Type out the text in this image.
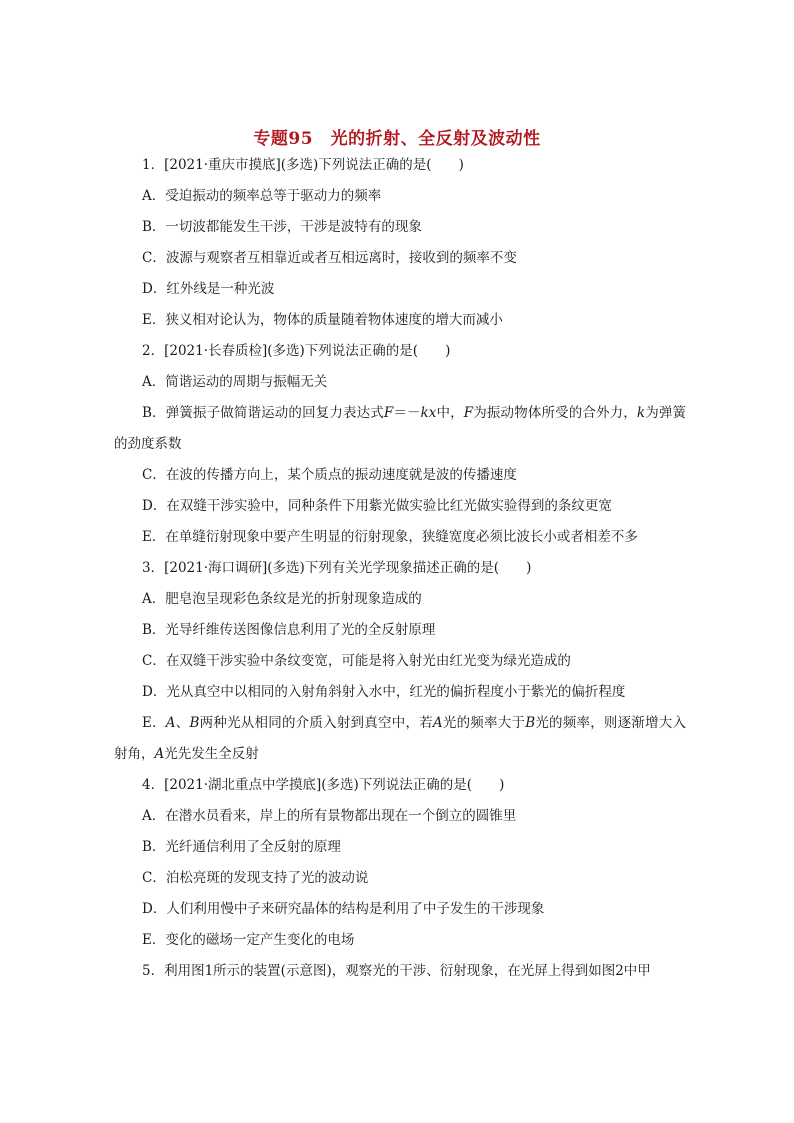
专题95　光的折射、全反射及波动性
1．[2021·重庆市摸底](多选)下列说法正确的是(　　)
A．受迫振动的频率总等于驱动力的频率
B．一切波都能发生干涉，干涉是波特有的现象
C．波源与观察者互相靠近或者互相远离时，接收到的频率不变
D．红外线是一种光波
E．狭义相对论认为，物体的质量随着物体速度的增大而减小
2．[2021·长春质检](多选)下列说法正确的是(　　)
A．简谐运动的周期与振幅无关
B．弹簧振子做简谐运动的回复力表达式F＝－kx中，F为振动物体所受的合外力，k为弹簧的劲度系数
C．在波的传播方向上，某个质点的振动速度就是波的传播速度
D．在双缝干涉实验中，同种条件下用紫光做实验比红光做实验得到的条纹更宽
E．在单缝衍射现象中要产生明显的衍射现象，狭缝宽度必须比波长小或者相差不多
3．[2021·海口调研](多选)下列有关光学现象描述正确的是(　　)
A．肥皂泡呈现彩色条纹是光的折射现象造成的
B．光导纤维传送图像信息利用了光的全反射原理
C．在双缝干涉实验中条纹变宽，可能是将入射光由红光变为绿光造成的
D．光从真空中以相同的入射角斜射入水中，红光的偏折程度小于紫光的偏折程度
E．A、B两种光从相同的介质入射到真空中，若A光的频率大于B光的频率，则逐渐增大入射角，A光先发生全反射
4．[2021·湖北重点中学摸底](多选)下列说法正确的是(　　)
A．在潜水员看来，岸上的所有景物都出现在一个倒立的圆锥里
B．光纤通信利用了全反射的原理
C．泊松亮斑的发现支持了光的波动说
D．人们利用慢中子来研究晶体的结构是利用了中子发生的干涉现象
E．变化的磁场一定产生变化的电场
5．利用图1所示的装置(示意图)，观察光的干涉、衍射现象，在光屏上得到如图2中甲
